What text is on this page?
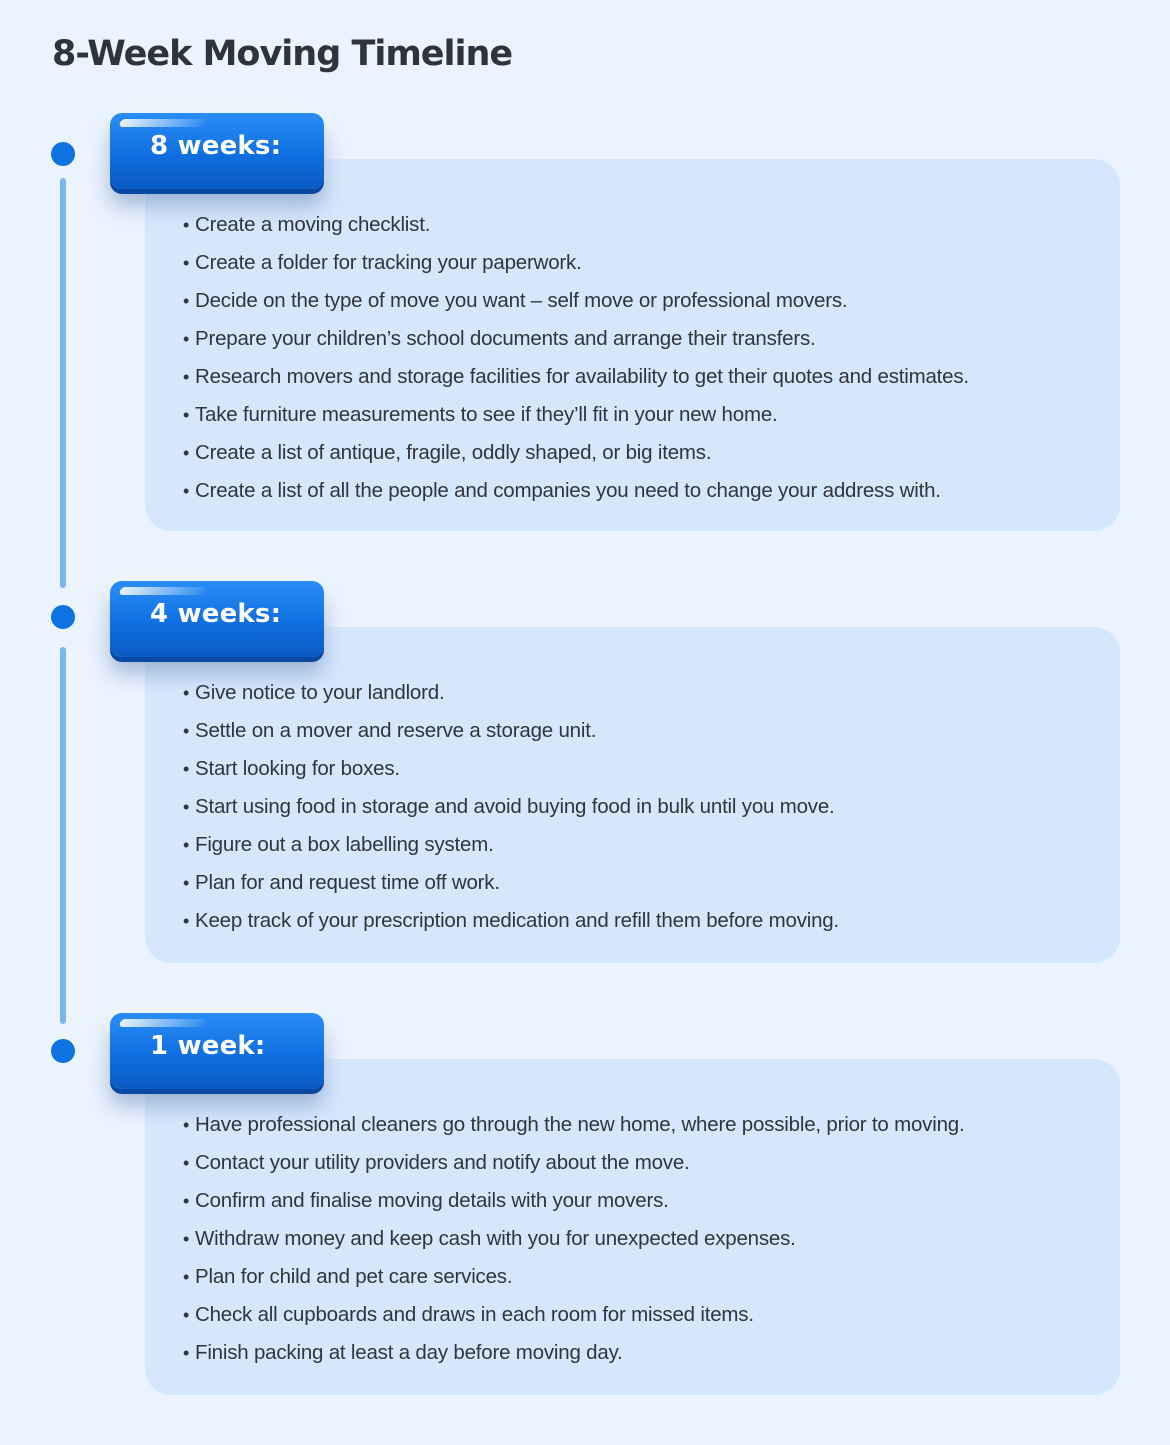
8-Week Moving Timeline
• Create a moving checklist.
• Create a folder for tracking your paperwork.
• Decide on the type of move you want – self move or professional movers.
• Prepare your children’s school documents and arrange their transfers.
• Research movers and storage facilities for availability to get their quotes and estimates.
• Take furniture measurements to see if they’ll fit in your new home.
• Create a list of antique, fragile, oddly shaped, or big items.
• Create a list of all the people and companies you need to change your address with.
8 weeks:
• Give notice to your landlord.
• Settle on a mover and reserve a storage unit.
• Start looking for boxes.
• Start using food in storage and avoid buying food in bulk until you move.
• Figure out a box labelling system.
• Plan for and request time off work.
• Keep track of your prescription medication and refill them before moving.
4 weeks:
• Have professional cleaners go through the new home, where possible, prior to moving.
• Contact your utility providers and notify about the move.
• Confirm and finalise moving details with your movers.
• Withdraw money and keep cash with you for unexpected expenses.
• Plan for child and pet care services.
• Check all cupboards and draws in each room for missed items.
• Finish packing at least a day before moving day.
1 week:
